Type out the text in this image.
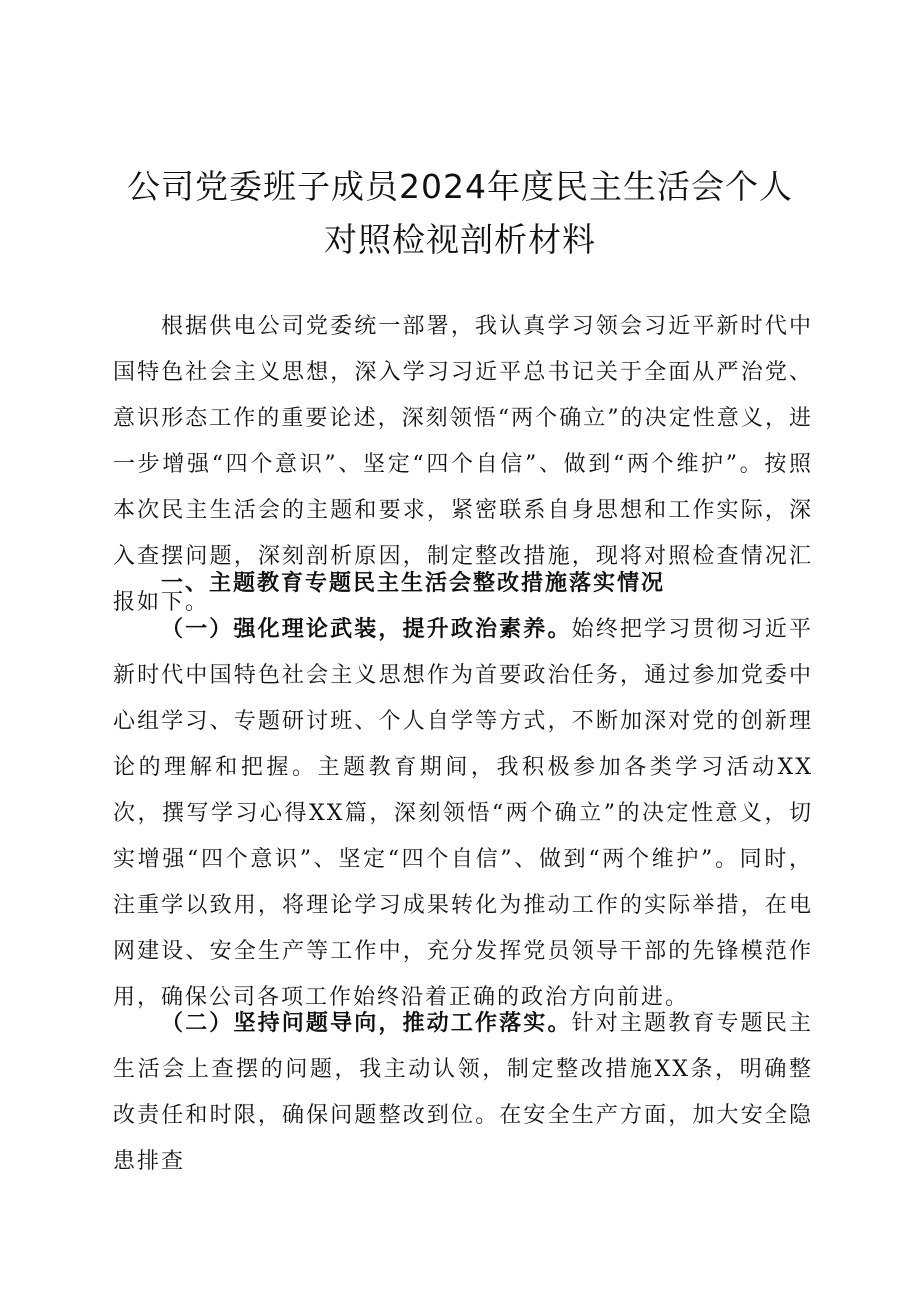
公司党委班子成员2024年度民主生活会个人
对照检视剖析材料

根据供电公司党委统一部署，我认真学习领会习近平新时代中国特色社会主义思想，深入学习习近平总书记关于全面从严治党、意识形态工作的重要论述，深刻领悟“两个确立”的决定性意义，进一步增强“四个意识”、坚定“四个自信”、做到“两个维护”。按照本次民主生活会的主题和要求，紧密联系自身思想和工作实际，深入查摆问题，深刻剖析原因，制定整改措施，现将对照检查情况汇报如下。

一、主题教育专题民主生活会整改措施落实情况

（一）强化理论武装，提升政治素养。始终把学习贯彻习近平新时代中国特色社会主义思想作为首要政治任务，通过参加党委中心组学习、专题研讨班、个人自学等方式，不断加深对党的创新理论的理解和把握。主题教育期间，我积极参加各类学习活动XX次，撰写学习心得XX篇，深刻领悟“两个确立”的决定性意义，切实增强“四个意识”、坚定“四个自信”、做到“两个维护”。同时，注重学以致用，将理论学习成果转化为推动工作的实际举措，在电网建设、安全生产等工作中，充分发挥党员领导干部的先锋模范作用，确保公司各项工作始终沿着正确的政治方向前进。

（二）坚持问题导向，推动工作落实。针对主题教育专题民主生活会上查摆的问题，我主动认领，制定整改措施XX条，明确整改责任和时限，确保问题整改到位。在安全生产方面，加大安全隐患排查
